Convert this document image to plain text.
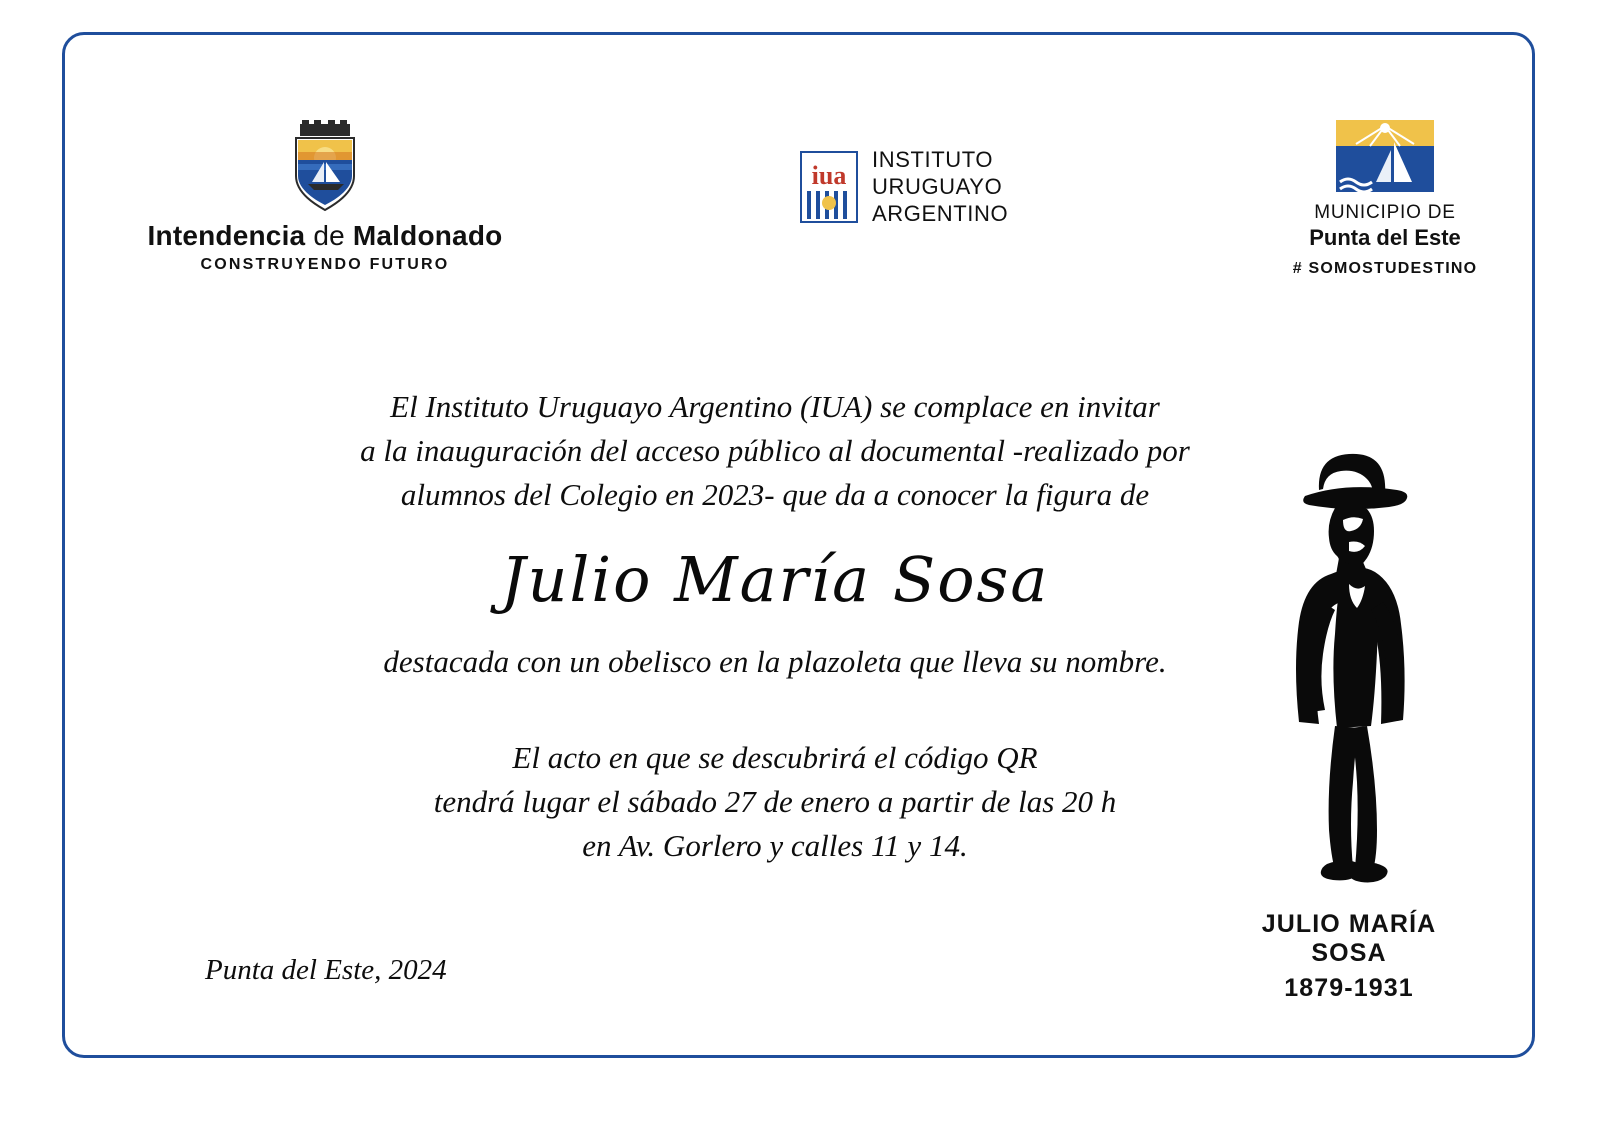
Intendencia de Maldonado
CONSTRUYENDO FUTURO
iua
INSTITUTO
URUGUAYO
ARGENTINO	MUNICIPIO DE
Punta del Este
# SOMOSTUDESTINO
El Instituto Uruguayo Argentino (IUA) se complace en invitar
a la inauguración del acceso público al documental -realizado por
alumnos del Colegio en 2023- que da a conocer la figura de
Julio María Sosa
destacada con un obelisco en la plazoleta que lleva su nombre.
El acto en que se descubrirá el código QR
tendrá lugar el sábado 27 de enero a partir de las 20 h
en Av. Gorlero y calles 11 y 14.
Punta del Este, 2024
JULIO MARÍA SOSA
1879-1931
